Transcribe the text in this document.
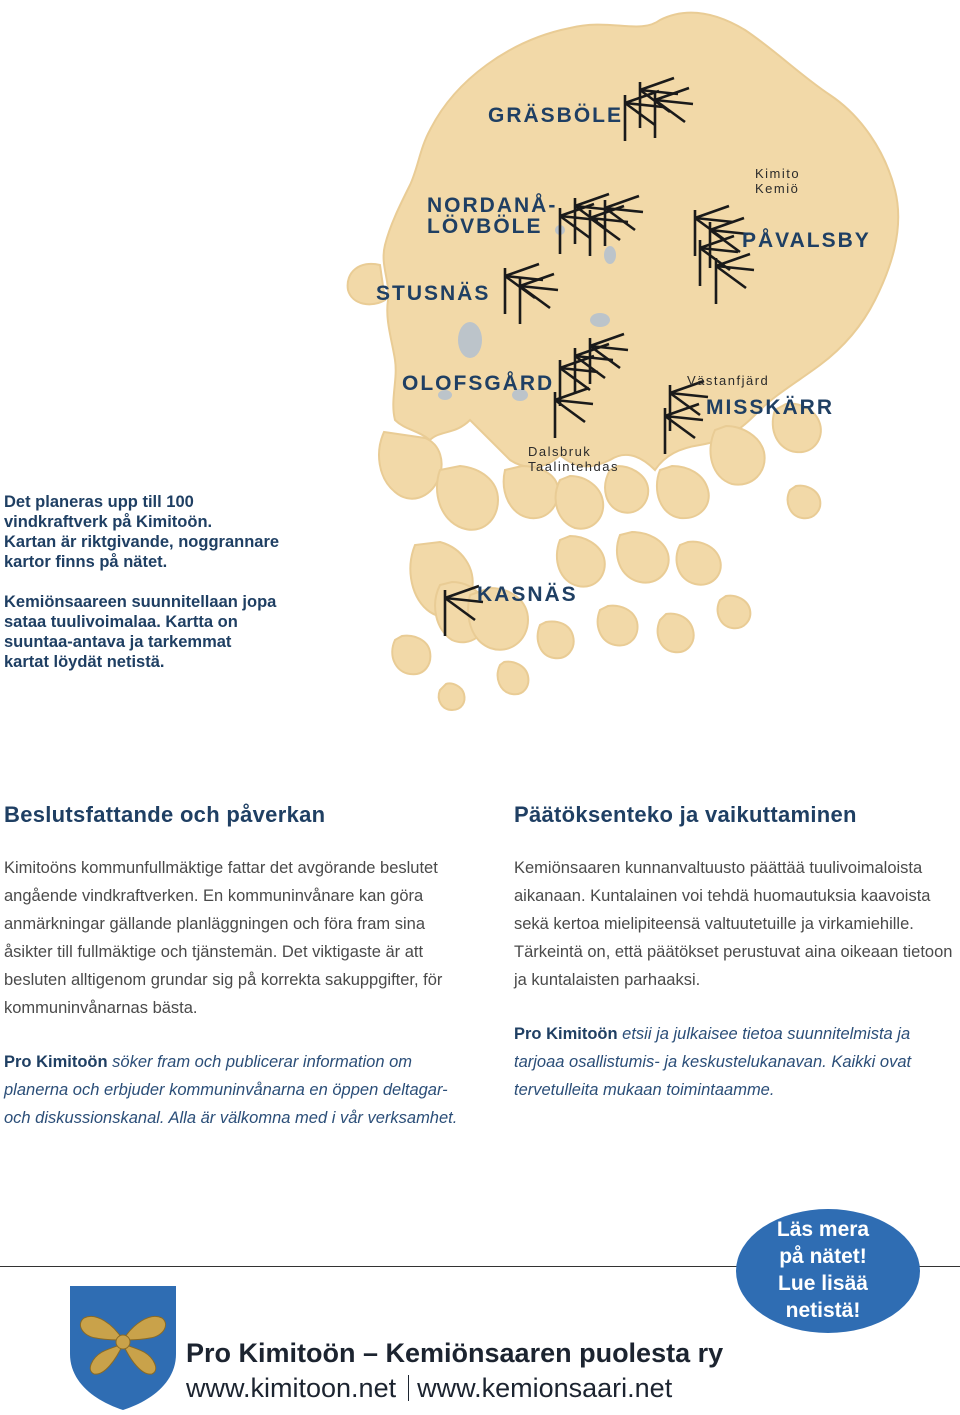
GRÄSBÖLE
NORDANÅ-
LÖVBÖLE
Kimito
Kemiö
PÅVALSBY
STUSNÄS
OLOFSGÅRD	Västanfjärd
MISSKÄRR
Dalsbruk
Taalintehdas
KASNÄS
Det planeras upp till 100
vindkraftverk på Kimitoön.
Kartan är riktgivande, noggrannare
kartor finns på nätet.
Kemiönsaareen suunnitellaan jopa
sataa tuulivoimalaa. Kartta on
suuntaa-antava ja tarkemmat
kartat löydät netistä.
Beslutsfattande och påverkan

Kimitoöns kommunfullmäktige fattar det avgörande beslutet angående vindkraftverken. En kommuninvånare kan göra anmärkningar gällande planläggningen och föra fram sina åsikter till fullmäktige och tjänstemän. Det viktigaste är att besluten alltigenom grundar sig på korrekta sakuppgifter, för kommuninvånarnas bästa.

Pro Kimitoön söker fram och publicerar information om planerna och erbjuder kommuninvånarna en öppen deltagar- och diskussionskanal. Alla är välkomna med i vår verksamhet.

Päätöksenteko ja vaikuttaminen

Kemiönsaaren kunnanvaltuusto päättää tuulivoimaloista aikanaan. Kuntalainen voi tehdä huomautuksia kaavoista sekä kertoa mielipiteensä valtuutetuille ja virkamiehille. Tärkeintä on, että päätökset perustuvat aina oikeaan tietoon ja kuntalaisten parhaaksi.

Pro Kimitoön etsii ja julkaisee tietoa suunnitelmista ja tarjoaa osallistumis- ja keskustelukanavan. Kaikki ovat tervetulleita mukaan toimintaamme.

Läs mera
på nätet!
Lue lisää
netistä!
Pro Kimitoön – Kemiönsaaren puolesta ry
www.kimitoon.net www.kemionsaari.net
